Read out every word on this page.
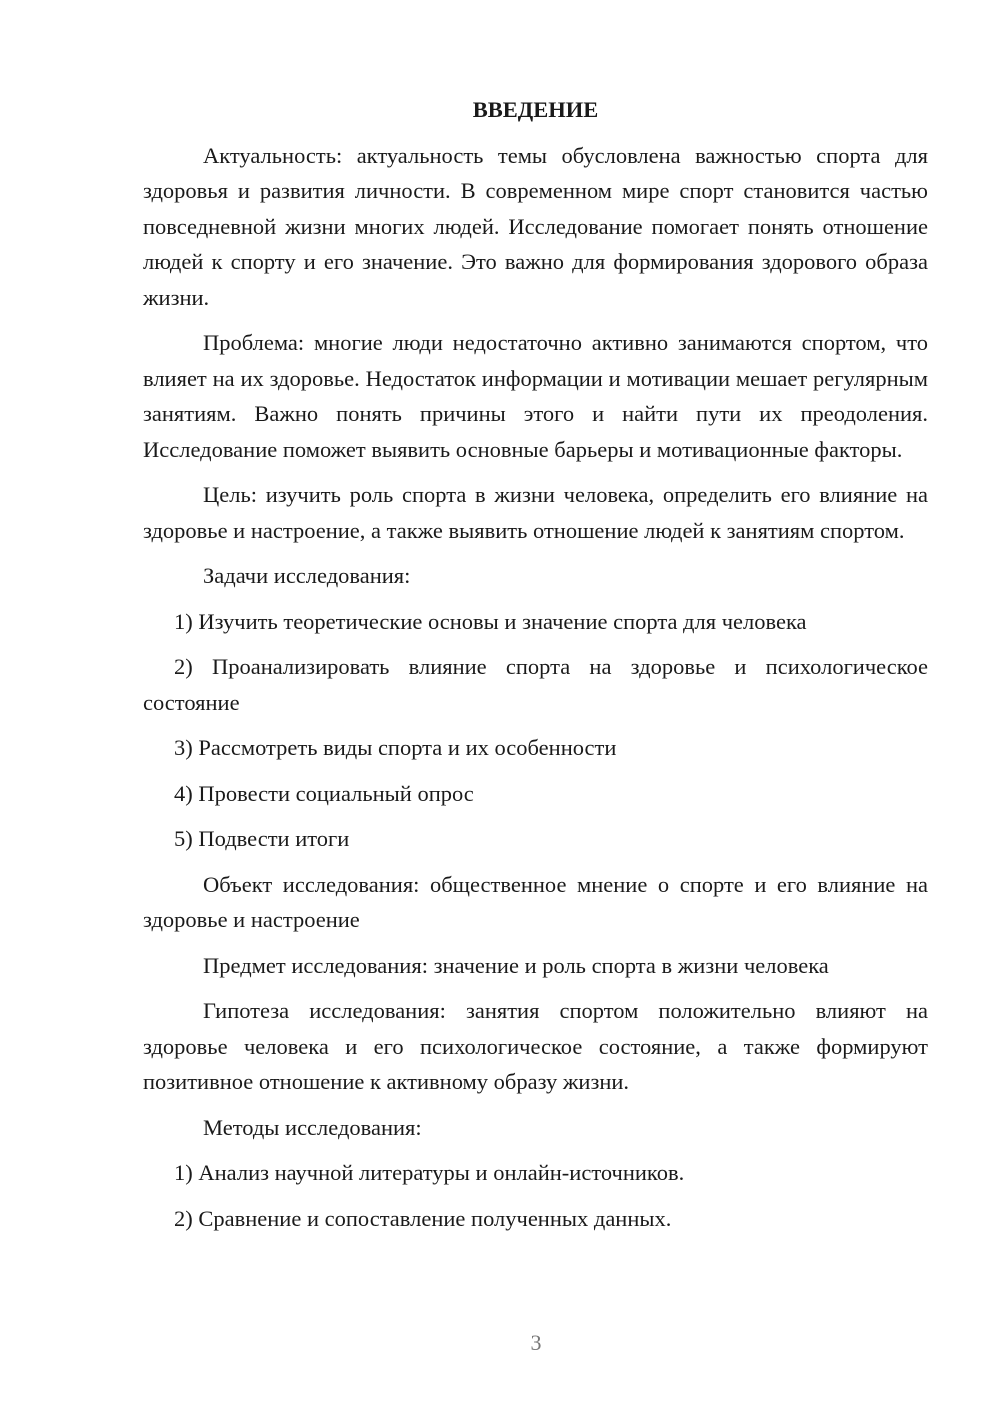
ВВЕДЕНИЕ

Актуальность: актуальность темы обусловлена важностью спорта для здоровья и развития личности. В современном мире спорт становится частью повседневной жизни многих людей. Исследование помогает понять отношение людей к спорту и его значение. Это важно для формирования здорового образа жизни.

Проблема: многие люди недостаточно активно занимаются спортом, что влияет на их здоровье. Недостаток информации и мотивации мешает регулярным занятиям. Важно понять причины этого и найти пути их преодоления. Исследование поможет выявить основные барьеры и мотивационные факторы.

Цель: изучить роль спорта в жизни человека, определить его влияние на здоровье и настроение, а также выявить отношение людей к занятиям спортом.

Задачи исследования:

1) Изучить теоретические основы и значение спорта для человека

2) Проанализировать влияние спорта на здоровье и психологическое состояние

3) Рассмотреть виды спорта и их особенности

4) Провести социальный опрос

5) Подвести итоги

Объект исследования: общественное мнение о спорте и его влияние на здоровье и настроение

Предмет исследования: значение и роль спорта в жизни человека

Гипотеза исследования: занятия спортом положительно влияют на здоровье человека и его психологическое состояние, а также формируют позитивное отношение к активному образу жизни.

Методы исследования:

1) Анализ научной литературы и онлайн-источников.

2) Сравнение и сопоставление полученных данных.

3
